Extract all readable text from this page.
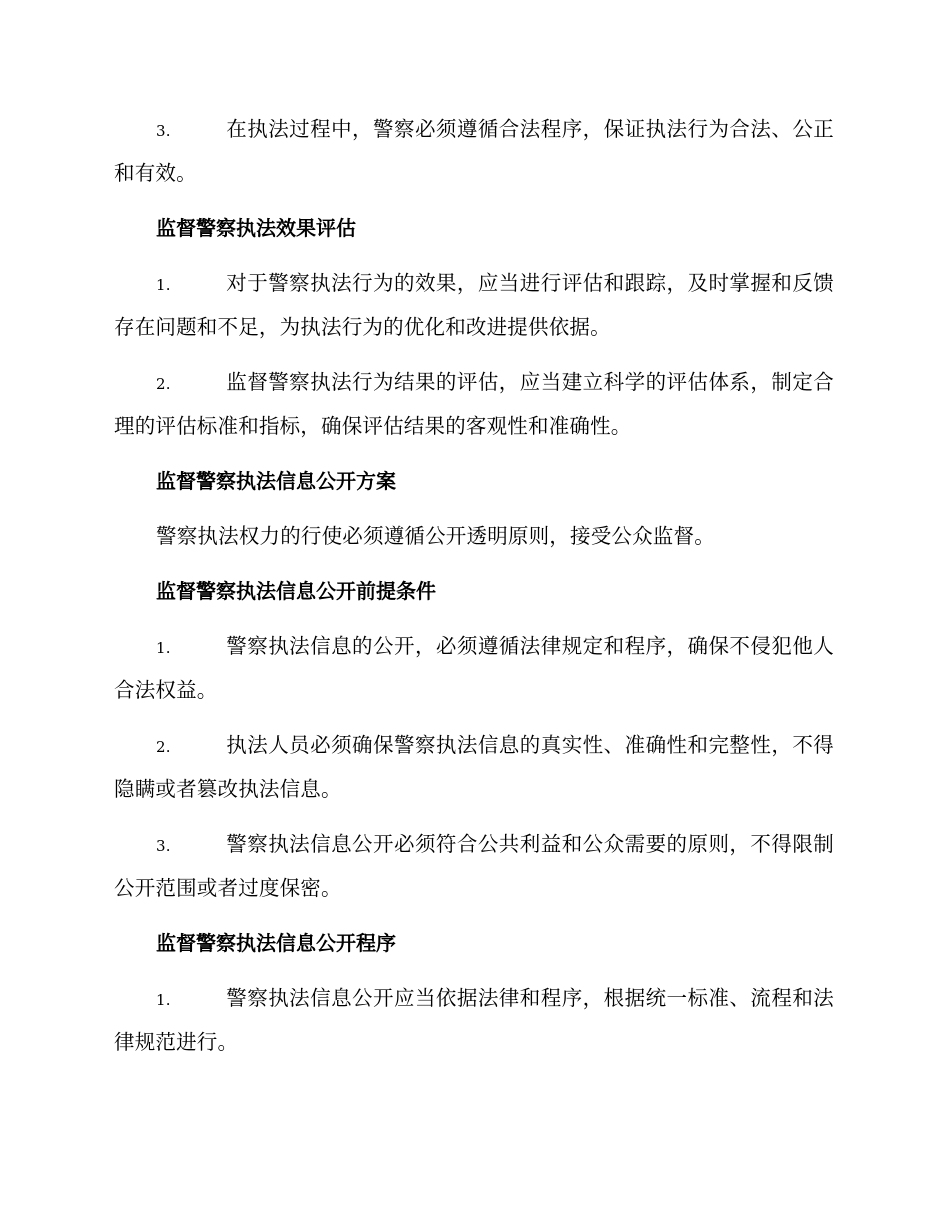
3.	在执法过程中，警察必须遵循合法程序，保证执法行为合法、公正和有效。

监督警察执法效果评估

1.	对于警察执法行为的效果，应当进行评估和跟踪，及时掌握和反馈存在问题和不足，为执法行为的优化和改进提供依据。

2.	监督警察执法行为结果的评估，应当建立科学的评估体系，制定合理的评估标准和指标，确保评估结果的客观性和准确性。

监督警察执法信息公开方案

警察执法权力的行使必须遵循公开透明原则，接受公众监督。

监督警察执法信息公开前提条件

1.	警察执法信息的公开，必须遵循法律规定和程序，确保不侵犯他人合法权益。

2.	执法人员必须确保警察执法信息的真实性、准确性和完整性，不得隐瞒或者篡改执法信息。

3.	警察执法信息公开必须符合公共利益和公众需要的原则，不得限制公开范围或者过度保密。

监督警察执法信息公开程序

1.	警察执法信息公开应当依据法律和程序，根据统一标准、流程和法律规范进行。
